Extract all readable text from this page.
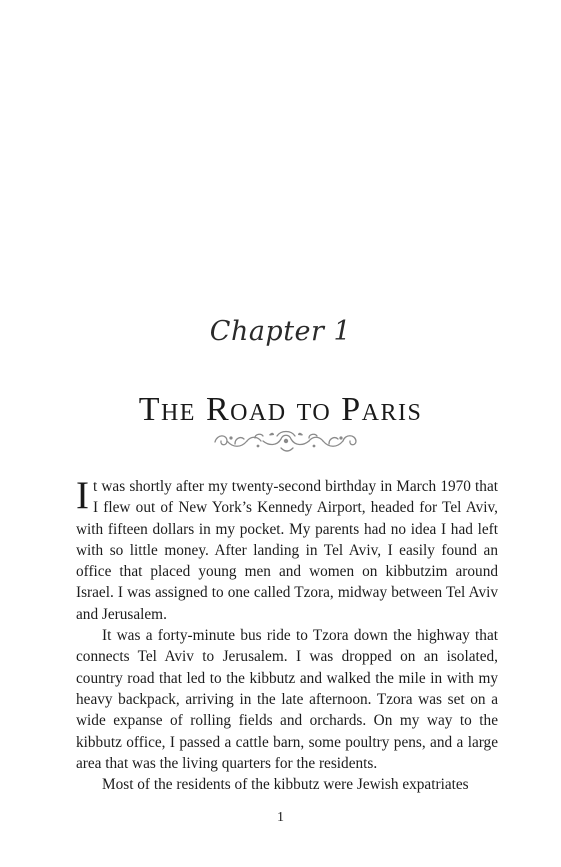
Chapter 1
The Road to Paris

It was shortly after my twenty-second birthday in March 1970 that I flew out of New York’s Kennedy Airport, headed for Tel Aviv, with fifteen dollars in my pocket. My parents had no idea I had left with so little money. After landing in Tel Aviv, I easily found an office that placed young men and women on kibbutzim around Israel. I was assigned to one called Tzora, midway between Tel Aviv and Jerusalem.

It was a forty-minute bus ride to Tzora down the highway that connects Tel Aviv to Jerusalem. I was dropped on an isolated, country road that led to the kibbutz and walked the mile in with my heavy backpack, arriving in the late afternoon. Tzora was set on a wide expanse of rolling fields and orchards. On my way to the kibbutz office, I passed a cattle barn, some poultry pens, and a large area that was the living quarters for the residents.

Most of the residents of the kibbutz were Jewish expatriates

1
